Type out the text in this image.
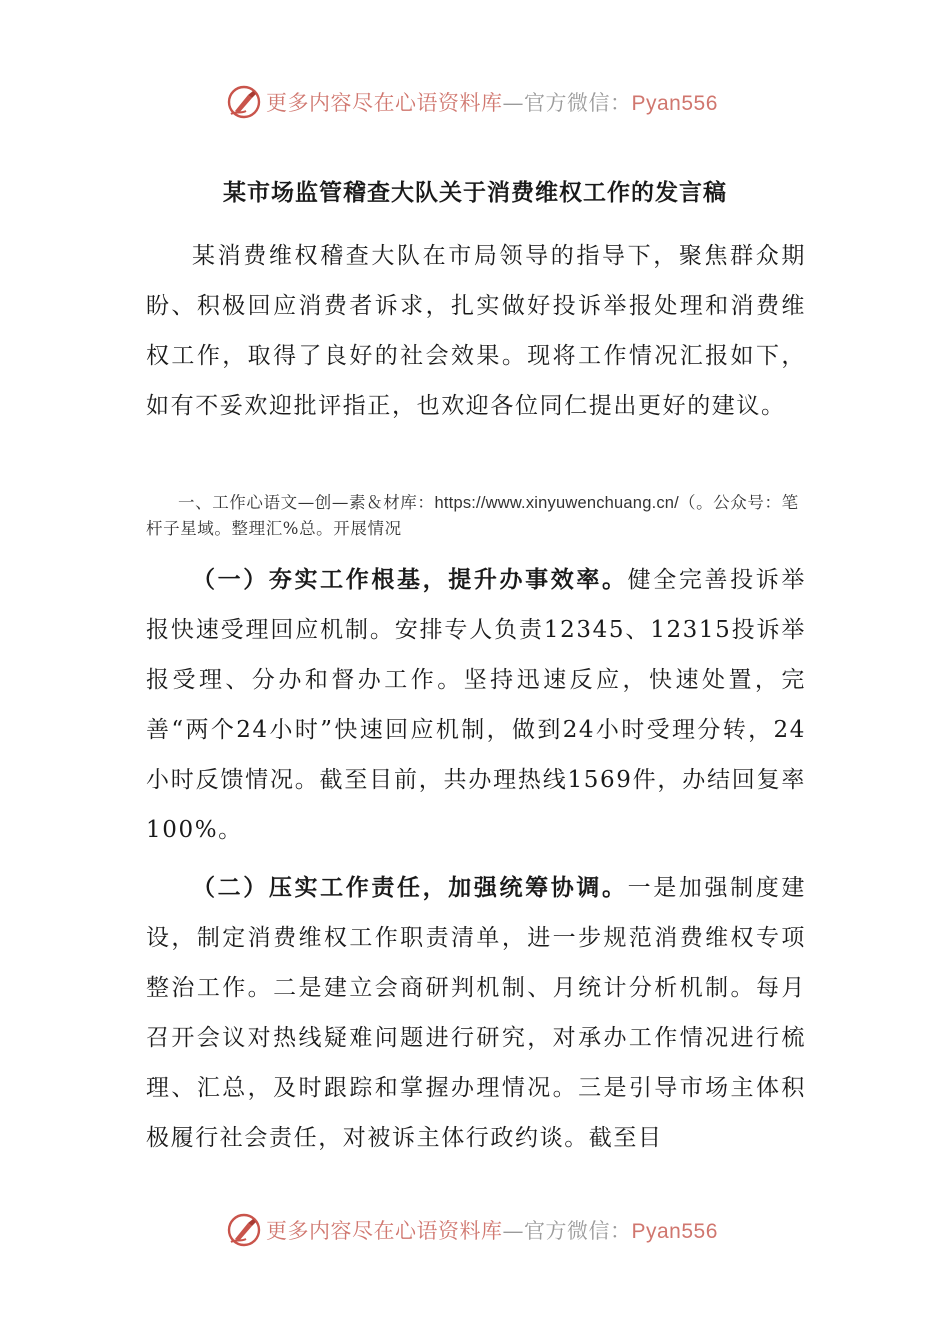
更多内容尽在心语资料库—官方微信：Pyan556
某市场监管稽查大队关于消费维权工作的发言稿

某消费维权稽查大队在市局领导的指导下，聚焦群众期盼、积极回应消费者诉求，扎实做好投诉举报处理和消费维权工作，取得了良好的社会效果。现将工作情况汇报如下，如有不妥欢迎批评指正，也欢迎各位同仁提出更好的建议。

一、工作心语文—创—素＆材库：https://www.xinyuwenchuang.cn/（。公众号：笔杆子星域。整理汇%总。开展情况

（一）夯实工作根基，提升办事效率。健全完善投诉举报快速受理回应机制。安排专人负责12345、12315投诉举报受理、分办和督办工作。坚持迅速反应，快速处置，完善“两个24小时”快速回应机制，做到24小时受理分转，24小时反馈情况。截至目前，共办理热线1569件，办结回复率100%。

（二）压实工作责任，加强统筹协调。一是加强制度建设，制定消费维权工作职责清单，进一步规范消费维权专项整治工作。二是建立会商研判机制、月统计分析机制。每月召开会议对热线疑难问题进行研究，对承办工作情况进行梳理、汇总，及时跟踪和掌握办理情况。三是引导市场主体积极履行社会责任，对被诉主体行政约谈。截至目

更多内容尽在心语资料库—官方微信：Pyan556
